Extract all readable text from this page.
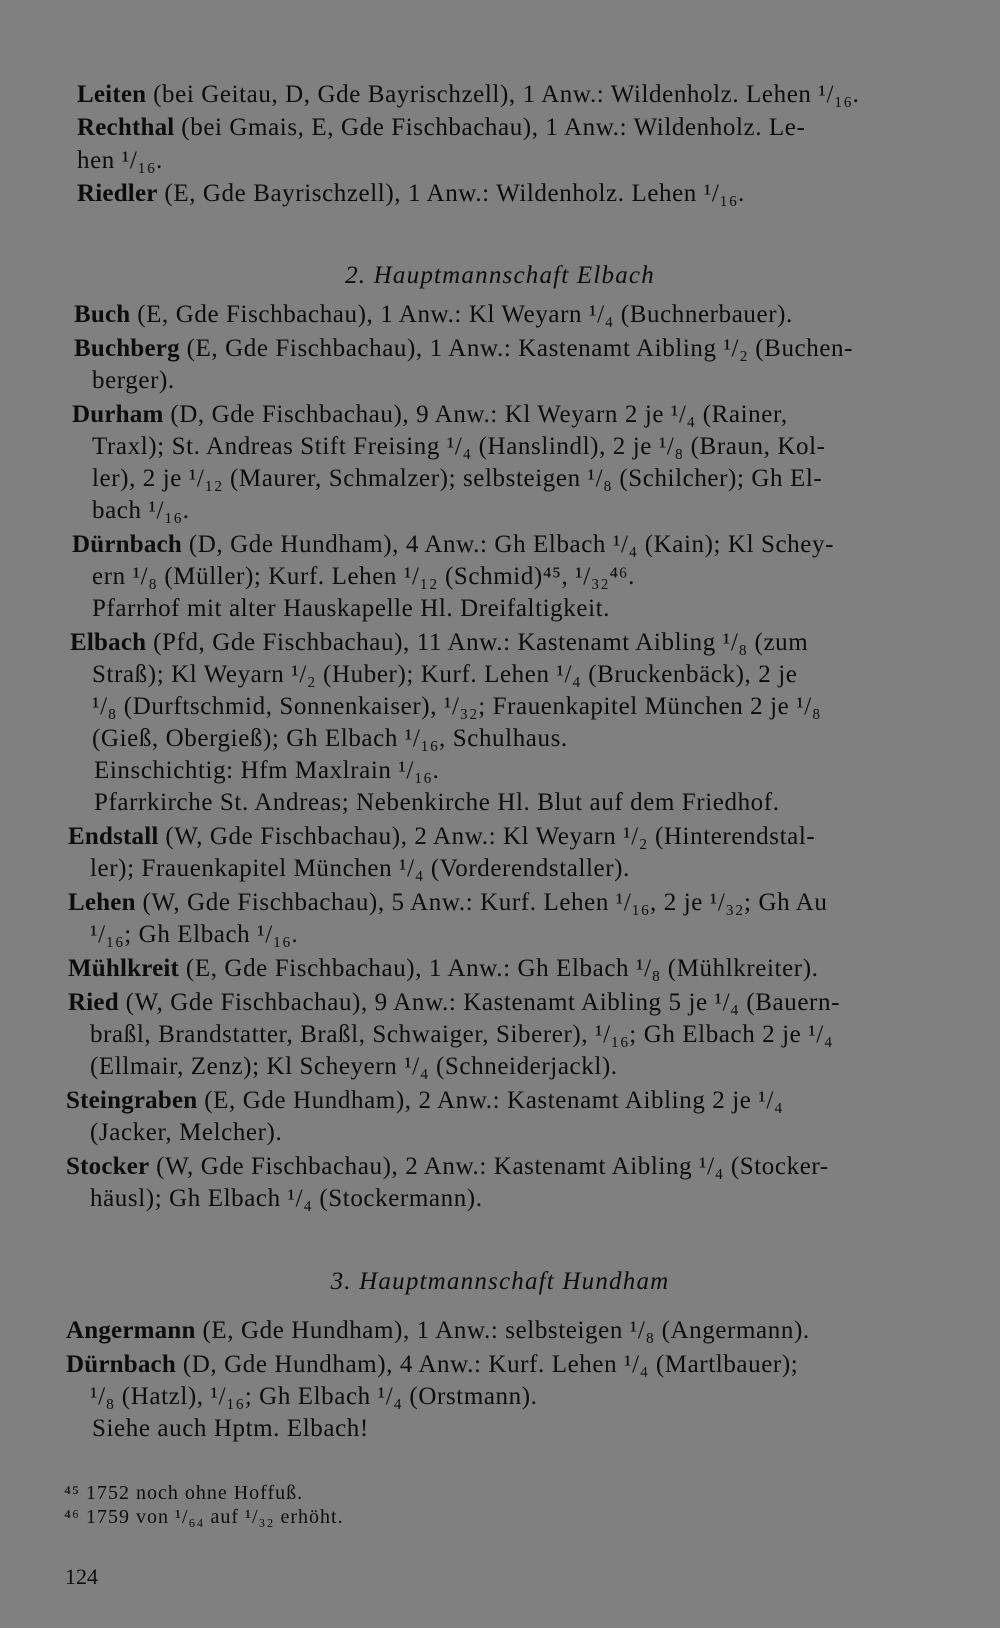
Leiten (bei Geitau, D, Gde Bayrischzell), 1 Anw.: Wildenholz. Lehen ¹/₁₆.
Rechthal (bei Gmais, E, Gde Fischbachau), 1 Anw.: Wildenholz. Le-
hen ¹/₁₆.
Riedler (E, Gde Bayrischzell), 1 Anw.: Wildenholz. Lehen ¹/₁₆.
2. Hauptmannschaft Elbach
Buch (E, Gde Fischbachau), 1 Anw.: Kl Weyarn ¹/₄ (Buchnerbauer).
Buchberg (E, Gde Fischbachau), 1 Anw.: Kastenamt Aibling ¹/₂ (Buchen-
berger).
Durham (D, Gde Fischbachau), 9 Anw.: Kl Weyarn 2 je ¹/₄ (Rainer,
Traxl); St. Andreas Stift Freising ¹/₄ (Hanslindl), 2 je ¹/₈ (Braun, Kol-
ler), 2 je ¹/₁₂ (Maurer, Schmalzer); selbsteigen ¹/₈ (Schilcher); Gh El-
bach ¹/₁₆.
Dürnbach (D, Gde Hundham), 4 Anw.: Gh Elbach ¹/₄ (Kain); Kl Schey-
ern ¹/₈ (Müller); Kurf. Lehen ¹/₁₂ (Schmid)⁴⁵, ¹/₃₂⁴⁶.
Pfarrhof mit alter Hauskapelle Hl. Dreifaltigkeit.
Elbach (Pfd, Gde Fischbachau), 11 Anw.: Kastenamt Aibling ¹/₈ (zum
Straß); Kl Weyarn ¹/₂ (Huber); Kurf. Lehen ¹/₄ (Bruckenbäck), 2 je
¹/₈ (Durftschmid, Sonnenkaiser), ¹/₃₂; Frauenkapitel München 2 je ¹/₈
(Gieß, Obergieß); Gh Elbach ¹/₁₆, Schulhaus.
Einschichtig: Hfm Maxlrain ¹/₁₆.
Pfarrkirche St. Andreas; Nebenkirche Hl. Blut auf dem Friedhof.
Endstall (W, Gde Fischbachau), 2 Anw.: Kl Weyarn ¹/₂ (Hinterendstal-
ler); Frauenkapitel München ¹/₄ (Vorderendstaller).
Lehen (W, Gde Fischbachau), 5 Anw.: Kurf. Lehen ¹/₁₆, 2 je ¹/₃₂; Gh Au
¹/₁₆; Gh Elbach ¹/₁₆.
Mühlkreit (E, Gde Fischbachau), 1 Anw.: Gh Elbach ¹/₈ (Mühlkreiter).
Ried (W, Gde Fischbachau), 9 Anw.: Kastenamt Aibling 5 je ¹/₄ (Bauern-
braßl, Brandstatter, Braßl, Schwaiger, Siberer), ¹/₁₆; Gh Elbach 2 je ¹/₄
(Ellmair, Zenz); Kl Scheyern ¹/₄ (Schneiderjackl).
Steingraben (E, Gde Hundham), 2 Anw.: Kastenamt Aibling 2 je ¹/₄
(Jacker, Melcher).
Stocker (W, Gde Fischbachau), 2 Anw.: Kastenamt Aibling ¹/₄ (Stocker-
häusl); Gh Elbach ¹/₄ (Stockermann).
3. Hauptmannschaft Hundham
Angermann (E, Gde Hundham), 1 Anw.: selbsteigen ¹/₈ (Angermann).
Dürnbach (D, Gde Hundham), 4 Anw.: Kurf. Lehen ¹/₄ (Martlbauer);
¹/₈ (Hatzl), ¹/₁₆; Gh Elbach ¹/₄ (Orstmann).
Siehe auch Hptm. Elbach!
⁴⁵ 1752 noch ohne Hoffuß.
⁴⁶ 1759 von ¹/₆₄ auf ¹/₃₂ erhöht.
124
